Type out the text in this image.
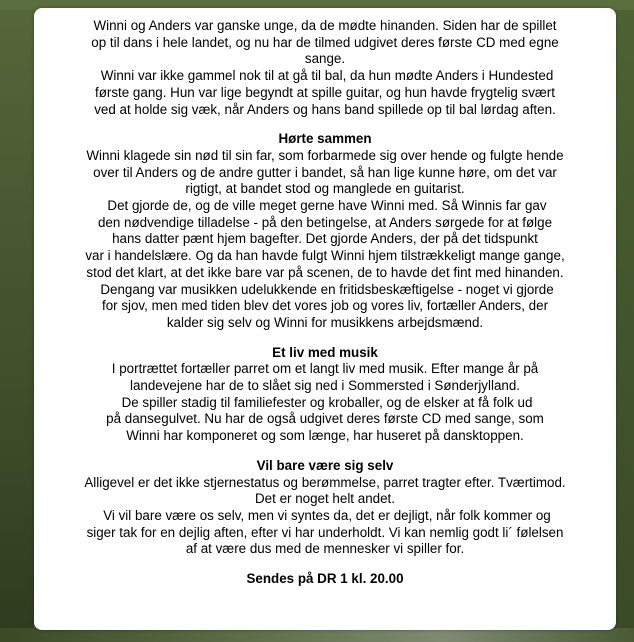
Winni og Anders var ganske unge, da de mødte hinanden. Siden har de spillet
op til dans i hele landet, og nu har de tilmed udgivet deres første CD med egne
sange.
Winni var ikke gammel nok til at gå til bal, da hun mødte Anders i Hundested
første gang. Hun var lige begyndt at spille guitar, og hun havde frygtelig svært
ved at holde sig væk, når Anders og hans band spillede op til bal lørdag aften.
Hørte sammen
Winni klagede sin nød til sin far, som forbarmede sig over hende og fulgte hende
over til Anders og de andre gutter i bandet, så han lige kunne høre, om det var
rigtigt, at bandet stod og manglede en guitarist.
Det gjorde de, og de ville meget gerne have Winni med. Så Winnis far gav
den nødvendige tilladelse - på den betingelse, at Anders sørgede for at følge
hans datter pænt hjem bagefter. Det gjorde Anders, der på det tidspunkt
var i handelslære. Og da han havde fulgt Winni hjem tilstrækkeligt mange gange,
stod det klart, at det ikke bare var på scenen, de to havde det fint med hinanden.
Dengang var musikken udelukkende en fritidsbeskæftigelse - noget vi gjorde
for sjov, men med tiden blev det vores job og vores liv, fortæller Anders, der
kalder sig selv og Winni for musikkens arbejdsmænd.
Et liv med musik
I portrættet fortæller parret om et langt liv med musik. Efter mange år på
landevejene har de to slået sig ned i Sommersted i Sønderjylland.
De spiller stadig til familiefester og kroballer, og de elsker at få folk ud
på dansegulvet. Nu har de også udgivet deres første CD med sange, som
Winni har komponeret og som længe, har huseret på dansktoppen.
Vil bare være sig selv
Alligevel er det ikke stjernestatus og berømmelse, parret tragter efter. Tværtimod.
Det er noget helt andet.
Vi vil bare være os selv, men vi syntes da, det er dejligt, når folk kommer og
siger tak for en dejlig aften, efter vi har underholdt. Vi kan nemlig godt li´ følelsen
af at være dus med de mennesker vi spiller for.
Sendes på DR 1 kl. 20.00
